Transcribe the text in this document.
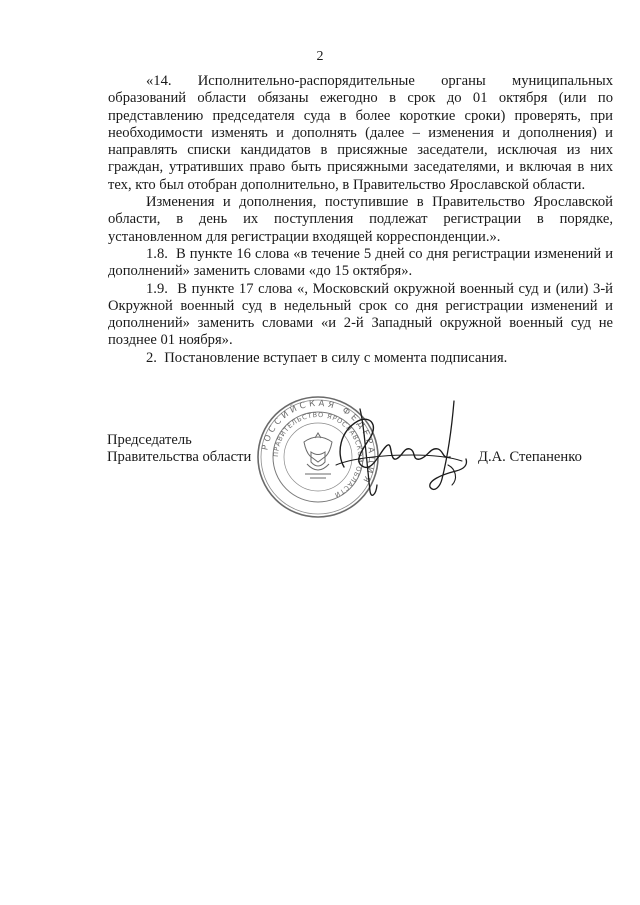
2

«14. Исполнительно-распорядительные органы муниципальных образований области обязаны ежегодно в срок до 01 октября (или по представлению председателя суда в более короткие сроки) проверять, при необходимости изменять и дополнять (далее – изменения и дополнения) и направлять списки кандидатов в присяжные заседатели, исключая из них граждан, утративших право быть присяжными заседателями, и включая в них тех, кто был отобран дополнительно, в Правительство Ярославской области.

Изменения и дополнения, поступившие в Правительство Ярославской области, в день их поступления подлежат регистрации в порядке, установленном для регистрации входящей корреспонденции.».

1.8.  В пункте 16 слова «в течение 5 дней со дня регистрации изменений и дополнений» заменить словами «до 15 октября».

1.9.  В пункте 17 слова «, Московский окружной военный суд и (или) 3-й Окружной военный суд в недельный срок со дня регистрации изменений и дополнений» заменить словами «и 2-й Западный окружной военный суд не позднее 01 ноября».

2.  Постановление вступает в силу с момента подписания.

РОССИЙСКАЯ ФЕДЕРАЦИЯ
ПРАВИТЕЛЬСТВО ЯРОСЛАВСКОЙ ОБЛАСТИ
Председатель
Правительства области	Д.А. Степаненко
